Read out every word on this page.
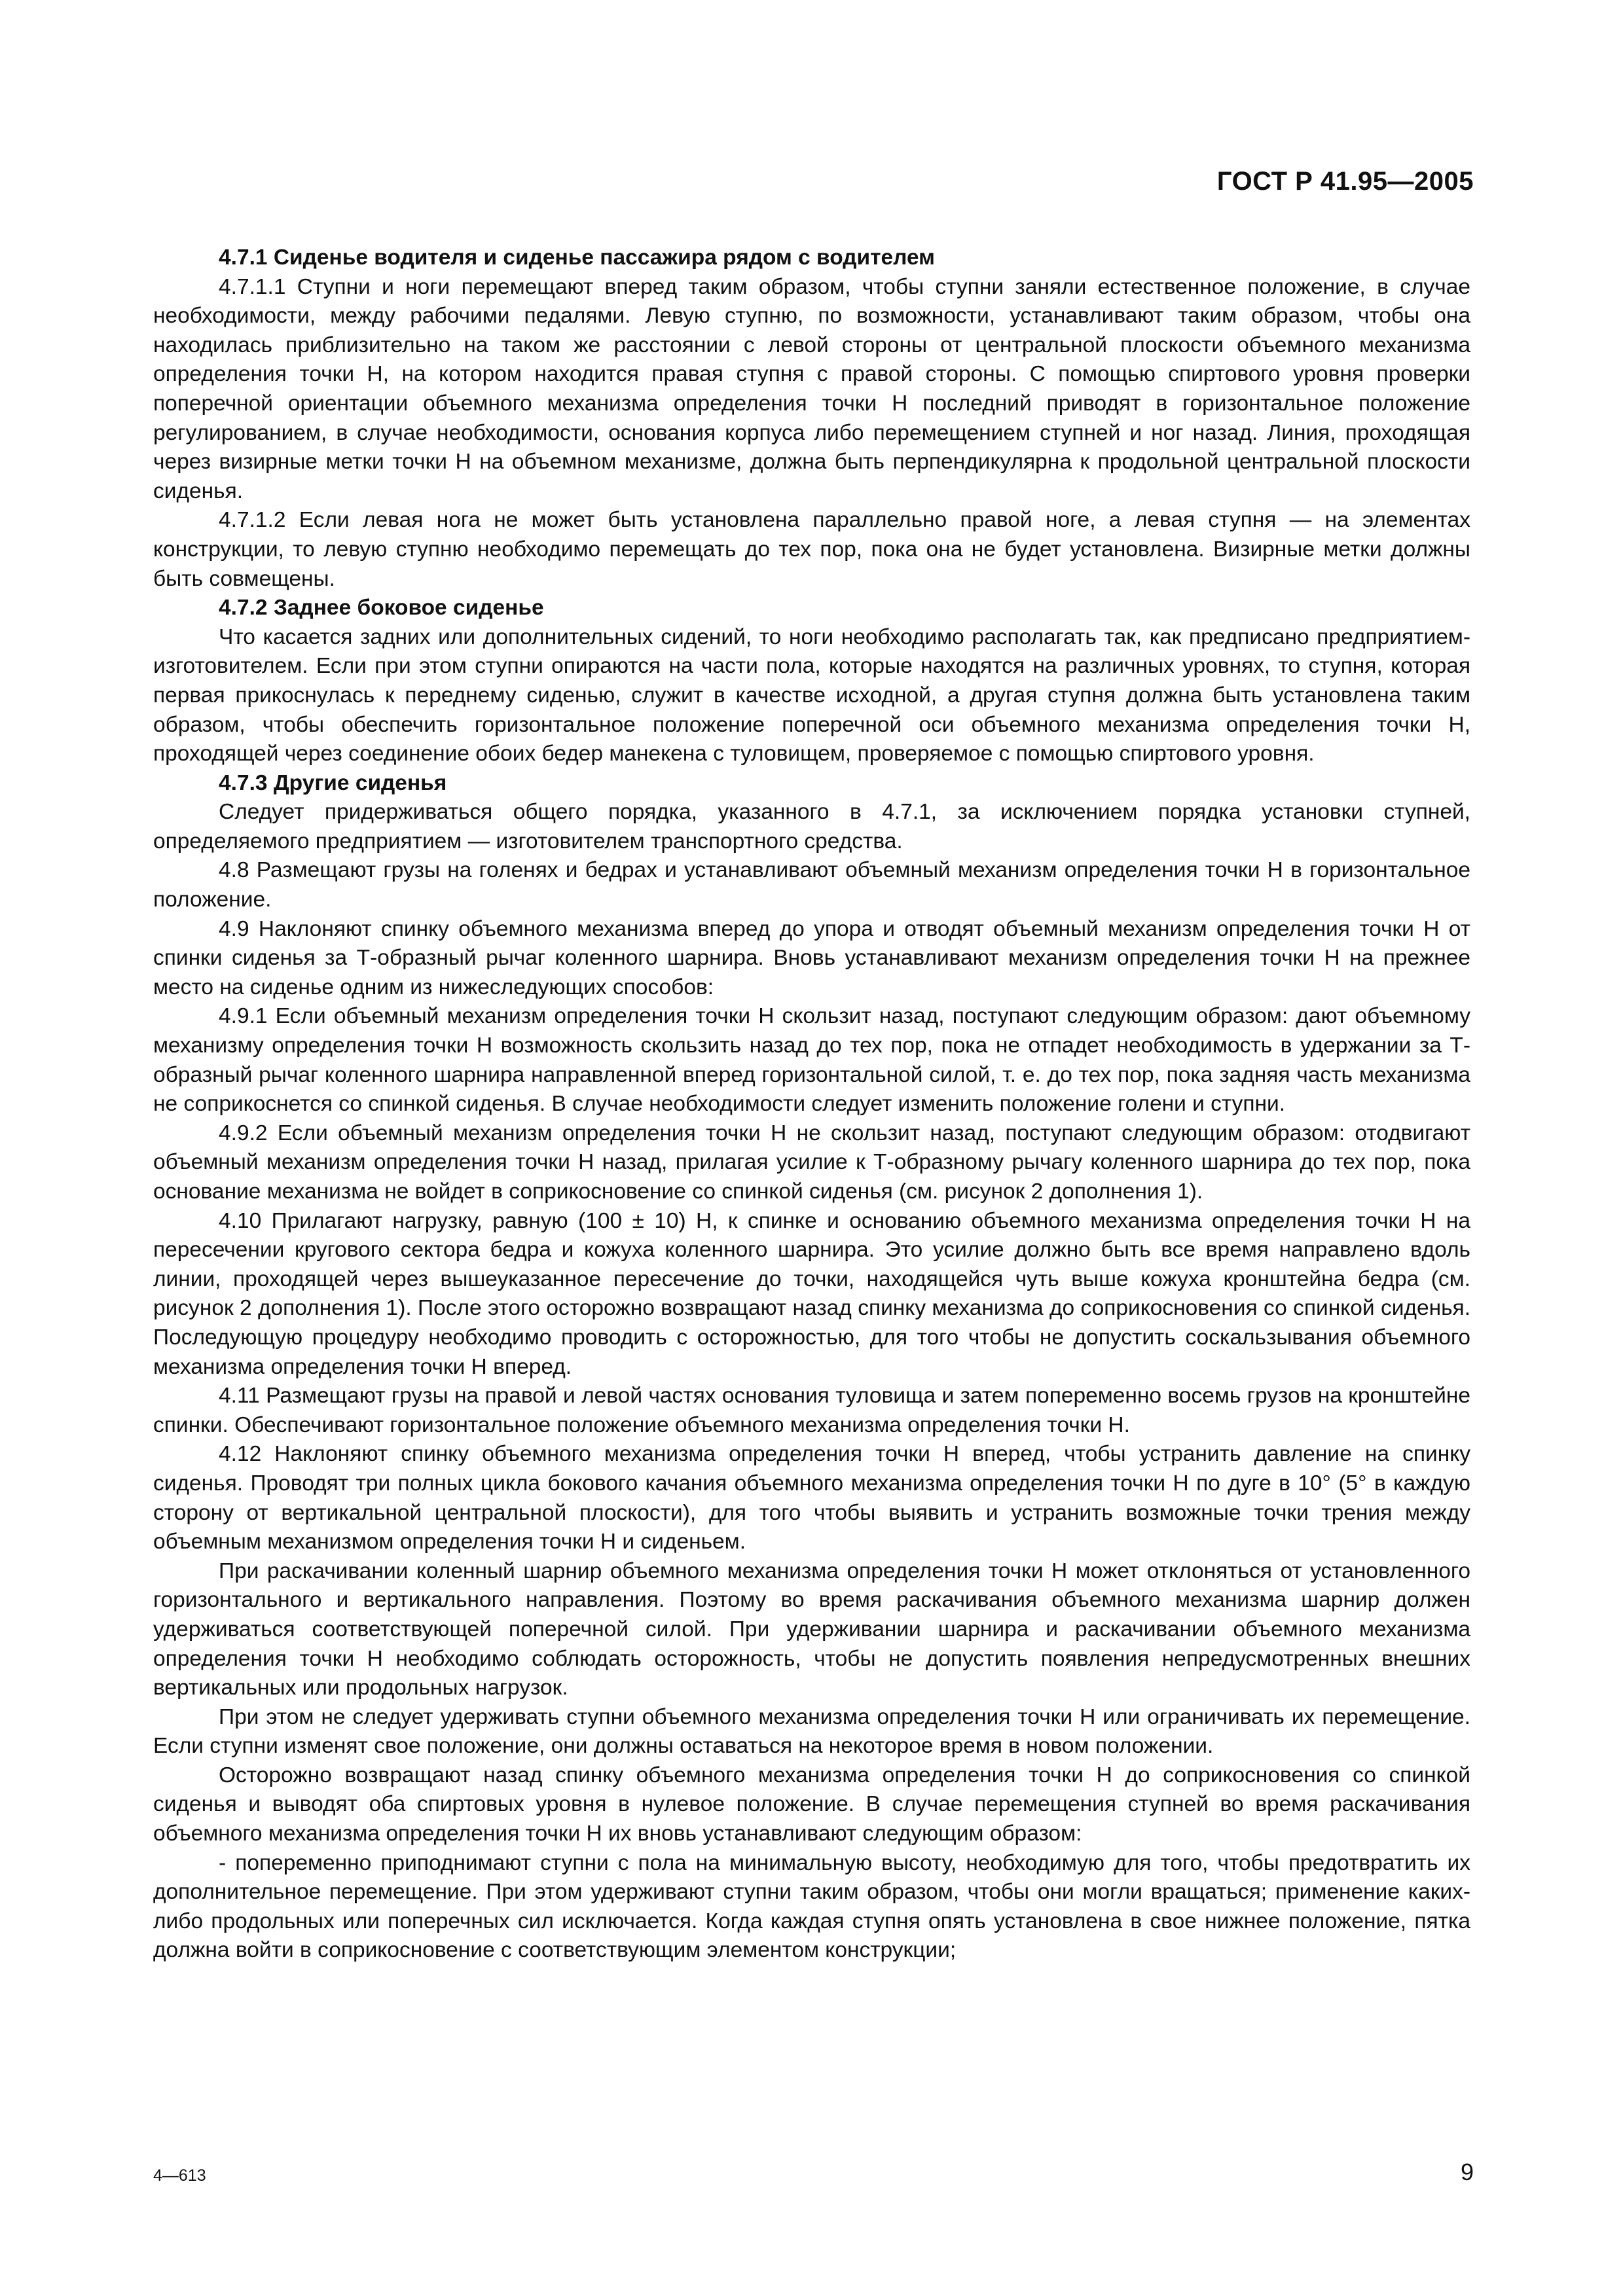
ГОСТ Р 41.95—2005

4.7.1 Сиденье водителя и сиденье пассажира рядом с водителем

4.7.1.1 Ступни и ноги перемещают вперед таким образом, чтобы ступни заняли естественное положение, в случае необходимости, между рабочими педалями. Левую ступню, по возможности, устанавливают таким образом, чтобы она находилась приблизительно на таком же расстоянии с левой стороны от центральной плоскости объемного механизма определения точки H, на котором находится правая ступня с правой стороны. С помощью спиртового уровня проверки поперечной ориентации объемного механизма определения точки H последний приводят в горизонтальное положение регулированием, в случае необходимости, основания корпуса либо перемещением ступней и ног назад. Линия, проходящая через визирные метки точки H на объемном механизме, должна быть перпендикулярна к продольной центральной плоскости сиденья.

4.7.1.2 Если левая нога не может быть установлена параллельно правой ноге, а левая ступня — на элементах конструкции, то левую ступню необходимо перемещать до тех пор, пока она не будет установлена. Визирные метки должны быть совмещены.

4.7.2 Заднее боковое сиденье

Что касается задних или дополнительных сидений, то ноги необходимо располагать так, как предписано предприятием-изготовителем. Если при этом ступни опираются на части пола, которые находятся на различных уровнях, то ступня, которая первая прикоснулась к переднему сиденью, служит в качестве исходной, а другая ступня должна быть установлена таким образом, чтобы обеспечить горизонтальное положение поперечной оси объемного механизма определения точки H, проходящей через соединение обоих бедер манекена с туловищем, проверяемое с помощью спиртового уровня.

4.7.3 Другие сиденья

Следует придерживаться общего порядка, указанного в 4.7.1, за исключением порядка установки ступней, определяемого предприятием — изготовителем транспортного средства.

4.8 Размещают грузы на голенях и бедрах и устанавливают объемный механизм определения точки H в горизонтальное положение.

4.9 Наклоняют спинку объемного механизма вперед до упора и отводят объемный механизм определения точки H от спинки сиденья за Т-образный рычаг коленного шарнира. Вновь устанавливают механизм определения точки H на прежнее место на сиденье одним из нижеследующих способов:

4.9.1 Если объемный механизм определения точки H скользит назад, поступают следующим образом: дают объемному механизму определения точки H возможность скользить назад до тех пор, пока не отпадет необходимость в удержании за Т-образный рычаг коленного шарнира направленной вперед горизонтальной силой, т. е. до тех пор, пока задняя часть механизма не соприкоснется со спинкой сиденья. В случае необходимости следует изменить положение голени и ступни.

4.9.2 Если объемный механизм определения точки H не скользит назад, поступают следующим образом: отодвигают объемный механизм определения точки H назад, прилагая усилие к Т-образному рычагу коленного шарнира до тех пор, пока основание механизма не войдет в соприкосновение со спинкой сиденья (см. рисунок 2 дополнения 1).

4.10 Прилагают нагрузку, равную (100 ± 10) Н, к спинке и основанию объемного механизма определения точки H на пересечении кругового сектора бедра и кожуха коленного шарнира. Это усилие должно быть все время направлено вдоль линии, проходящей через вышеуказанное пересечение до точки, находящейся чуть выше кожуха кронштейна бедра (см. рисунок 2 дополнения 1). После этого осторожно возвращают назад спинку механизма до соприкосновения со спинкой сиденья. Последующую процедуру необходимо проводить с осторожностью, для того чтобы не допустить соскальзывания объемного механизма определения точки H вперед.

4.11 Размещают грузы на правой и левой частях основания туловища и затем попеременно восемь грузов на кронштейне спинки. Обеспечивают горизонтальное положение объемного механизма определения точки H.

4.12 Наклоняют спинку объемного механизма определения точки H вперед, чтобы устранить давление на спинку сиденья. Проводят три полных цикла бокового качания объемного механизма определения точки H по дуге в 10° (5° в каждую сторону от вертикальной центральной плоскости), для того чтобы выявить и устранить возможные точки трения между объемным механизмом определения точки H и сиденьем.

При раскачивании коленный шарнир объемного механизма определения точки H может отклоняться от установленного горизонтального и вертикального направления. Поэтому во время раскачивания объемного механизма шарнир должен удерживаться соответствующей поперечной силой. При удерживании шарнира и раскачивании объемного механизма определения точки H необходимо соблюдать осторожность, чтобы не допустить появления непредусмотренных внешних вертикальных или продольных нагрузок.

При этом не следует удерживать ступни объемного механизма определения точки H или ограничивать их перемещение. Если ступни изменят свое положение, они должны оставаться на некоторое время в новом положении.

Осторожно возвращают назад спинку объемного механизма определения точки H до соприкосновения со спинкой сиденья и выводят оба спиртовых уровня в нулевое положение. В случае перемещения ступней во время раскачивания объемного механизма определения точки H их вновь устанавливают следующим образом:

- попеременно приподнимают ступни с пола на минимальную высоту, необходимую для того, чтобы предотвратить их дополнительное перемещение. При этом удерживают ступни таким образом, чтобы они могли вращаться; применение каких-либо продольных или поперечных сил исключается. Когда каждая ступня опять установлена в свое нижнее положение, пятка должна войти в соприкосновение с соответствующим элементом конструкции;

4—613	9
